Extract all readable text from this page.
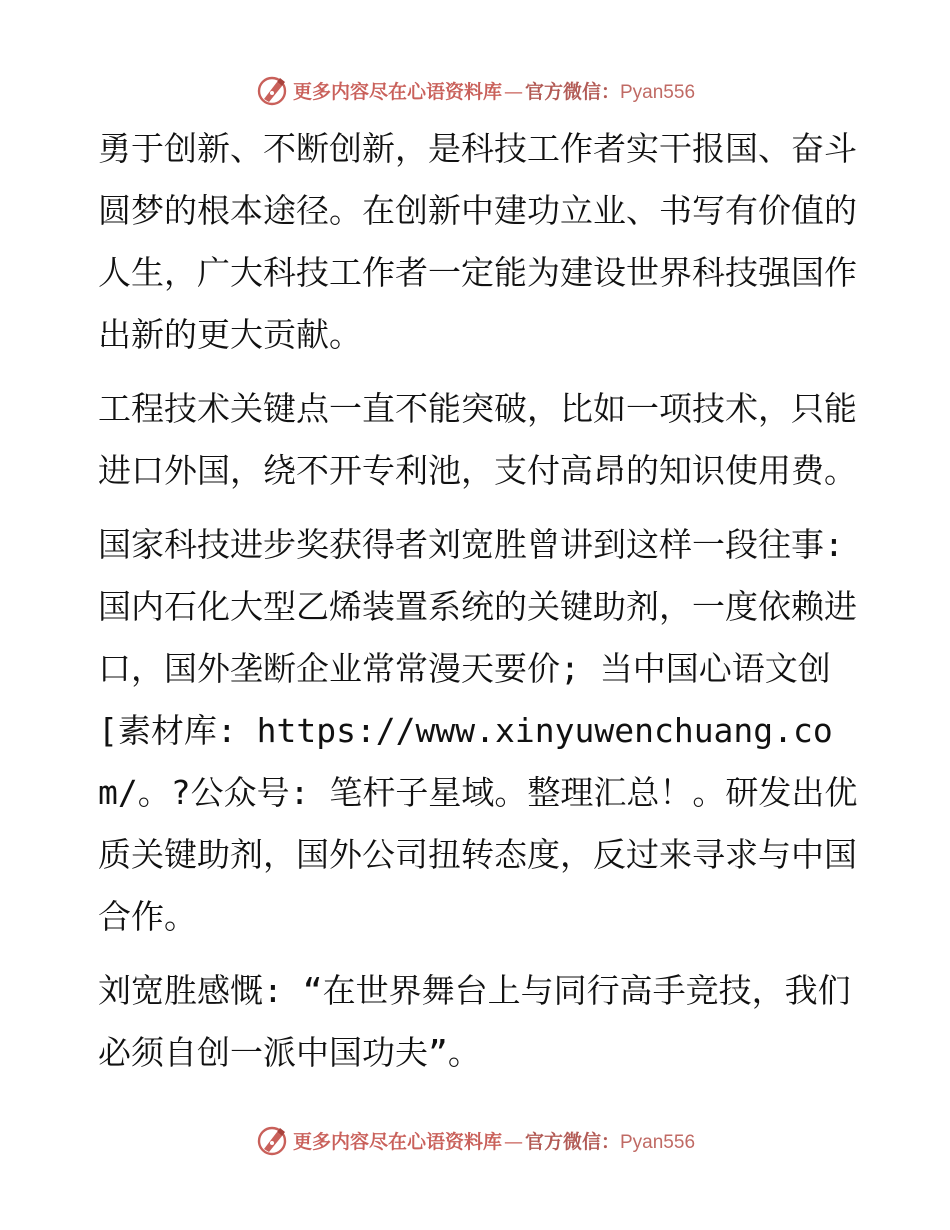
更多内容尽在心语资料库 — 官方微信：Pyan556

勇于创新、不断创新，是科技工作者实干报国、奋斗圆梦的根本途径。在创新中建功立业、书写有价值的人生，广大科技工作者一定能为建设世界科技强国作出新的更大贡献。

工程技术关键点一直不能突破，比如一项技术，只能进口外国，绕不开专利池，支付高昂的知识使用费。

国家科技进步奖获得者刘宽胜曾讲到这样一段往事: 国内石化大型乙烯装置系统的关键助剂，一度依赖进口，国外垄断企业常常漫天要价; 当中国心语文创[素材库: https://www.xinyuwenchuang.com/。?公众号: 笔杆子星域。整理汇总！。研发出优质关键助剂，国外公司扭转态度，反过来寻求与中国合作。

刘宽胜感慨: “在世界舞台上与同行高手竞技，我们必须自创一派中国功夫”。

更多内容尽在心语资料库 — 官方微信：Pyan556
